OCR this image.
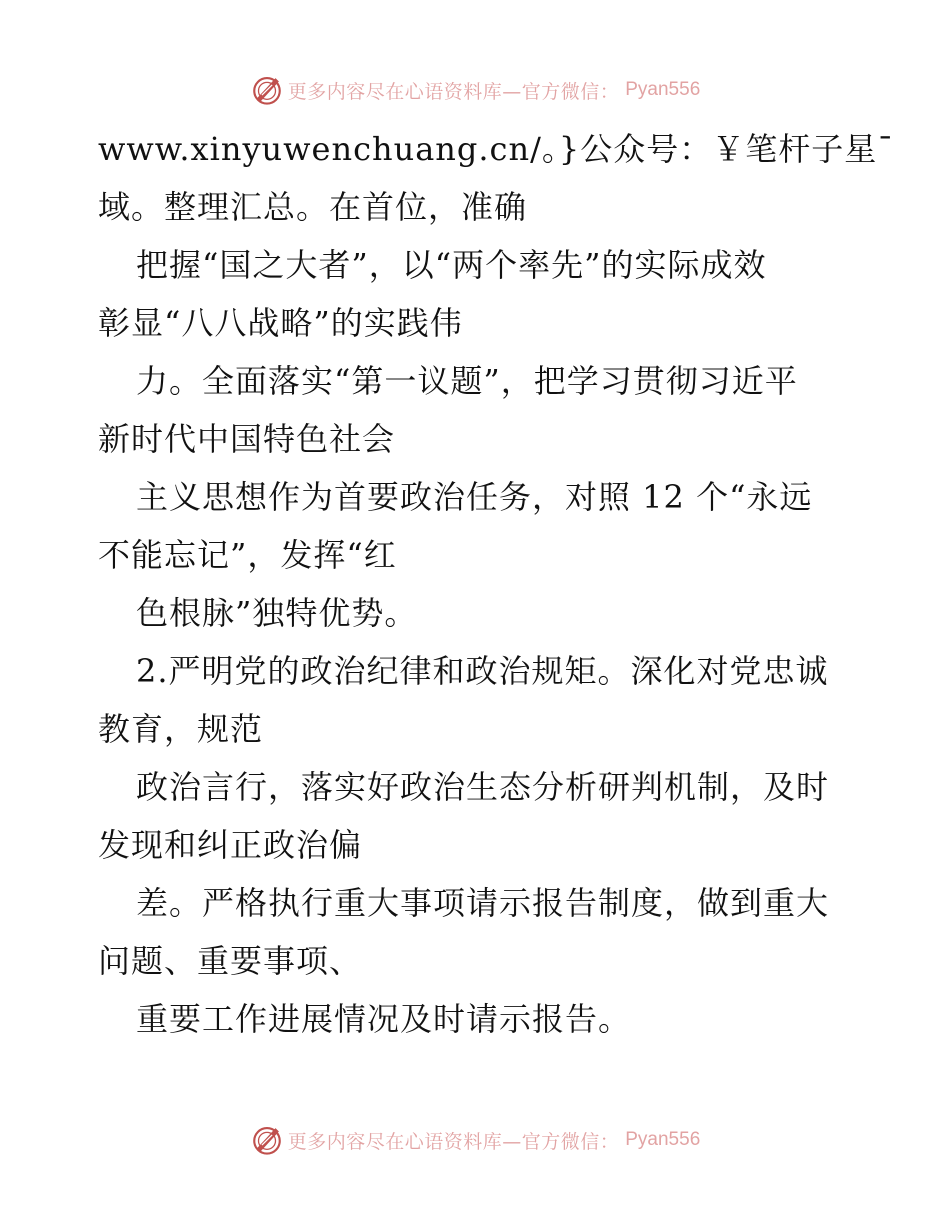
更多内容尽在心语资料库—官方微信： Pyan556
www.xinyuwenchuang.cn/。}公众号：￥笔杆子星¯
域。整理汇总。在首位，准确
把握“国之大者”，以“两个率先”的实际成效
彰显“八八战略”的实践伟
力。全面落实“第一议题”，把学习贯彻习近平
新时代中国特色社会
主义思想作为首要政治任务，对照 12 个“永远
不能忘记”，发挥“红
色根脉”独特优势。
2.严明党的政治纪律和政治规矩。深化对党忠诚
教育，规范
政治言行，落实好政治生态分析研判机制，及时
发现和纠正政治偏
差。严格执行重大事项请示报告制度，做到重大
问题、重要事项、
重要工作进展情况及时请示报告。
更多内容尽在心语资料库—官方微信： Pyan556
